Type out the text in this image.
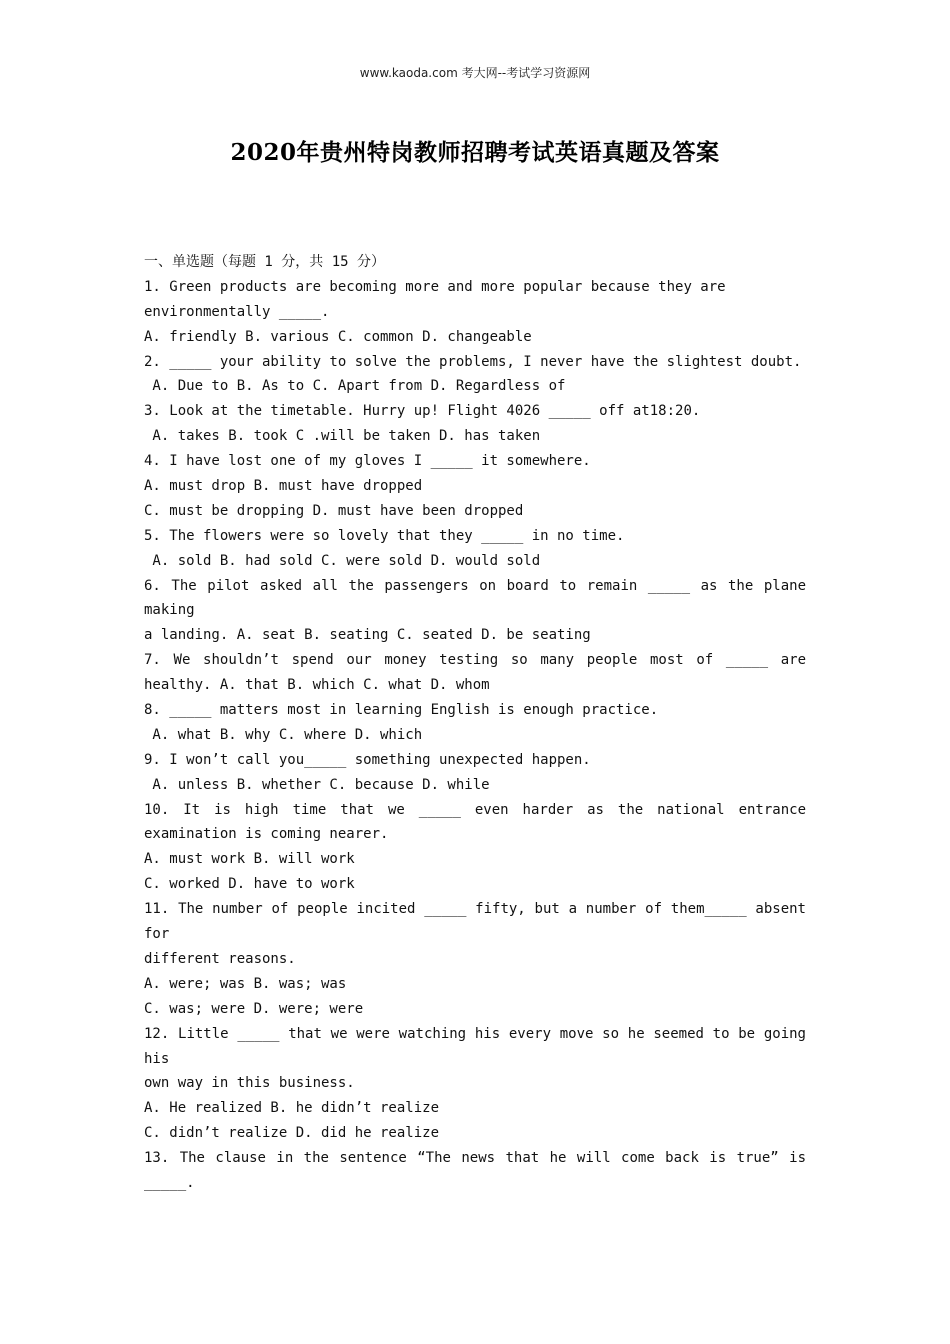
www.kaoda.com 考大网--考试学习资源网
2020年贵州特岗教师招聘考试英语真题及答案
一、单选题（每题 1 分，共 15 分）
1. Green products are becoming more and more popular because they are
environmentally _____.
A. friendly B. various C. common D. changeable
2. _____ your ability to solve the problems, I never have the slightest doubt.
A. Due to B. As to C. Apart from D. Regardless of
3. Look at the timetable. Hurry up! Flight 4026 _____ off at18:20.
A. takes B. took C .will be taken D. has taken
4. I have lost one of my gloves I _____ it somewhere.
A. must drop B. must have dropped
C. must be dropping D. must have been dropped
5. The flowers were so lovely that they _____ in no time.
A. sold B. had sold C. were sold D. would sold
6. The pilot asked all the passengers on board to remain _____ as the plane
making
a landing. A. seat B. seating C. seated D. be seating
7. We shouldn’t spend our money testing so many people most of _____ are
healthy. A. that B. which C. what D. whom
8. _____ matters most in learning English is enough practice.
A. what B. why C. where D. which
9. I won’t call you_____ something unexpected happen.
A. unless B. whether C. because D. while
10. It is high time that we _____ even harder as the national entrance
examination is coming nearer.
A. must work B. will work
C. worked D. have to work
11. The number of people incited _____ fifty, but a number of them_____ absent
for
different reasons.
A. were; was B. was; was
C. was; were D. were; were
12. Little _____ that we were watching his every move so he seemed to be going
his
own way in this business.
A. He realized B. he didn’t realize
C. didn’t realize D. did he realize
13. The clause in the sentence “The news that he will come back is true” is
_____.
